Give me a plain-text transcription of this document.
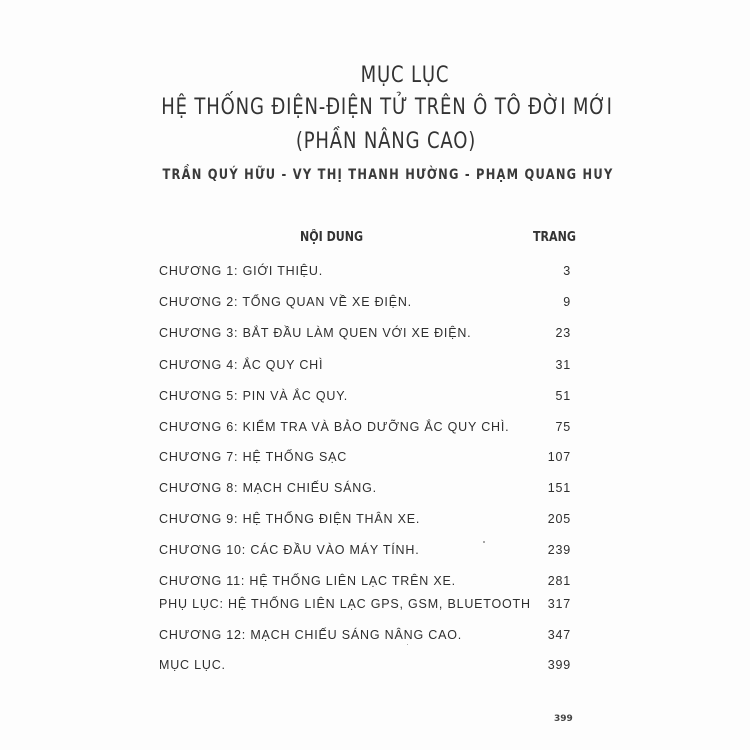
MỤC LỤC
HỆ THỐNG ĐIỆN-ĐIỆN TỬ TRÊN Ô TÔ ĐỜI MỚI
(PHẦN NÂNG CAO)
TRẦN QUÝ HỮU - VY THỊ THANH HƯỜNG - PHẠM QUANG HUY
NỘI DUNG	TRANG
CHƯƠNG 1: GIỚI THIỆU.	3
CHƯƠNG 2: TỔNG QUAN VỀ XE ĐIỆN.	9
CHƯƠNG 3: BẮT ĐẦU LÀM QUEN VỚI XE ĐIỆN.	23
CHƯƠNG 4: ẮC QUY CHÌ	31
CHƯƠNG 5: PIN VÀ ẮC QUY.	51
CHƯƠNG 6: KIỂM TRA VÀ BẢO DƯỠNG ẮC QUY CHÌ.	75
CHƯƠNG 7: HỆ THỐNG SẠC	107
CHƯƠNG 8: MẠCH CHIẾU SÁNG.	151
CHƯƠNG 9: HỆ THỐNG ĐIỆN THÂN XE.	205
CHƯƠNG 10: CÁC ĐẦU VÀO MÁY TÍNH.	239
CHƯƠNG 11: HỆ THỐNG LIÊN LẠC TRÊN XE.	281
PHỤ LỤC: HỆ THỐNG LIÊN LẠC GPS, GSM, BLUETOOTH 317
CHƯƠNG 12: MẠCH CHIẾU SÁNG NÂNG CAO.	347
MỤC LỤC.	399
399
